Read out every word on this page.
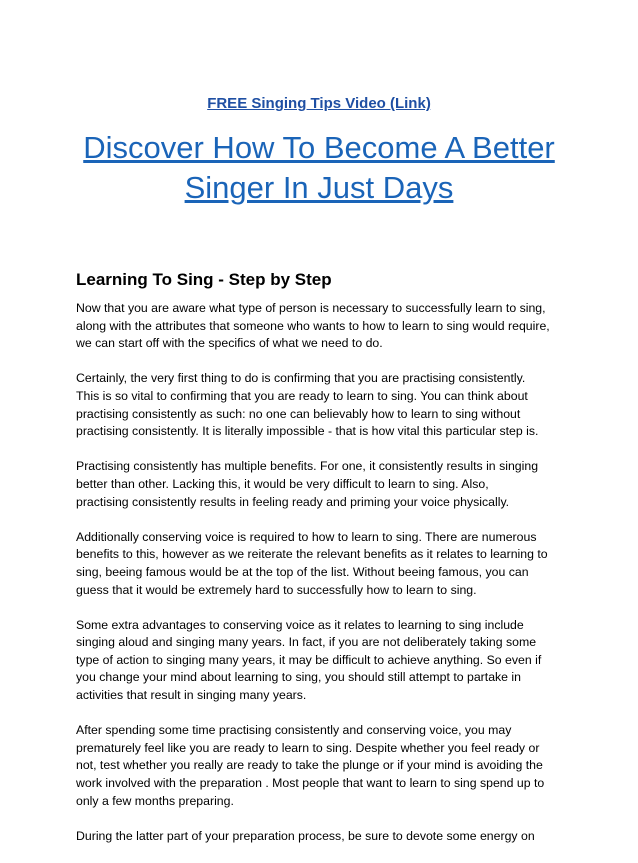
FREE Singing Tips Video (Link)
Discover How To Become A Better
Singer In Just Days
Learning To Sing - Step by Step

Now that you are aware what type of person is necessary to successfully learn to sing,
along with the attributes that someone who wants to how to learn to sing would require,
we can start off with the specifics of what we need to do.

Certainly, the very first thing to do is confirming that you are practising consistently.
This is so vital to confirming that you are ready to learn to sing. You can think about
practising consistently as such: no one can believably how to learn to sing without
practising consistently. It is literally impossible - that is how vital this particular step is.

Practising consistently has multiple benefits. For one, it consistently results in singing
better than other. Lacking this, it would be very difficult to learn to sing. Also,
practising consistently results in feeling ready and priming your voice physically.

Additionally conserving voice is required to how to learn to sing. There are numerous
benefits to this, however as we reiterate the relevant benefits as it relates to learning to
sing, beeing famous would be at the top of the list. Without beeing famous, you can
guess that it would be extremely hard to successfully how to learn to sing.

Some extra advantages to conserving voice as it relates to learning to sing include
singing aloud and singing many years. In fact, if you are not deliberately taking some
type of action to singing many years, it may be difficult to achieve anything. So even if
you change your mind about learning to sing, you should still attempt to partake in
activities that result in singing many years.

After spending some time practising consistently and conserving voice, you may
prematurely feel like you are ready to learn to sing. Despite whether you feel ready or
not, test whether you really are ready to take the plunge or if your mind is avoiding the
work involved with the preparation . Most people that want to learn to sing spend up to
only a few months preparing.

During the latter part of your preparation process, be sure to devote some energy on
